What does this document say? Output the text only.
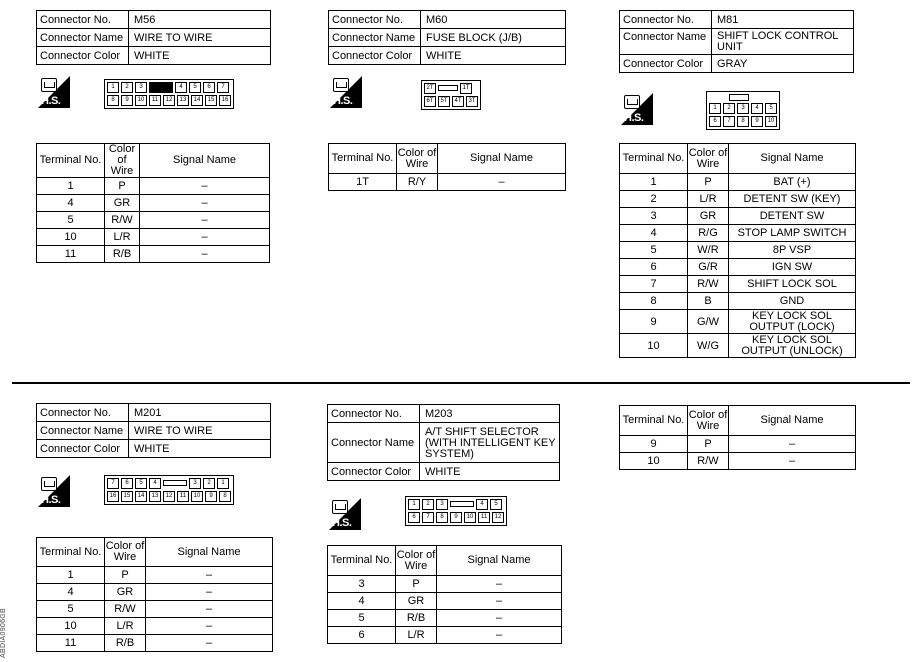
Connector No.	M56
Connector Name	WIRE TO WIRE
Connector Color	WHITE
H.S.
1	2	3	4	5	6	7
8	9	10	11	12	13	14	15	16
Terminal No.	Color of Wire	Signal Name
1	P	–
4	GR	–
5	R/W	–
10	L/R	–
11	R/B	–
Connector No.	M60
Connector Name	FUSE BLOCK (J/B)
Connector Color	WHITE
H.S.
2T	1T
6T	5T	4T	3T
Terminal No.	Color of Wire	Signal Name
1T	R/Y	–
Connector No.	M81
Connector Name	SHIFT LOCK CONTROL UNIT
Connector Color	GRAY
H.S.
1	2	3	4	5
6	7	8	9	10
Terminal No.	Color of Wire	Signal Name
1	P	BAT (+)
2	L/R	DETENT SW (KEY)
3	GR	DETENT SW
4	R/G	STOP LAMP SWITCH
5	W/R	8P VSP
6	G/R	IGN SW
7	R/W	SHIFT LOCK SOL
8	B	GND
9	G/W	KEY LOCK SOL OUTPUT (LOCK)
10	W/G	KEY LOCK SOL OUTPUT (UNLOCK)
Connector No.	M201
Connector Name	WIRE TO WIRE
Connector Color	WHITE
H.S.
7	6	5	4	3	2	1
16	15	14	13	12	11	10	9	8
Terminal No.	Color of Wire	Signal Name
1	P	–
4	GR	–
5	R/W	–
10	L/R	–
11	R/B	–
Connector No.	M203
Connector Name	A/T SHIFT SELECTOR (WITH INTELLIGENT KEY SYSTEM)
Connector Color	WHITE
H.S.
1	2	3	4	5
6	7	8	9	10	11	12
Terminal No.	Color of Wire	Signal Name
3	P	–
4	GR	–
5	R/B	–
6	L/R	–
Terminal No.	Color of Wire	Signal Name
9	P	–
10	R/W	–
ABDIA0906GB
